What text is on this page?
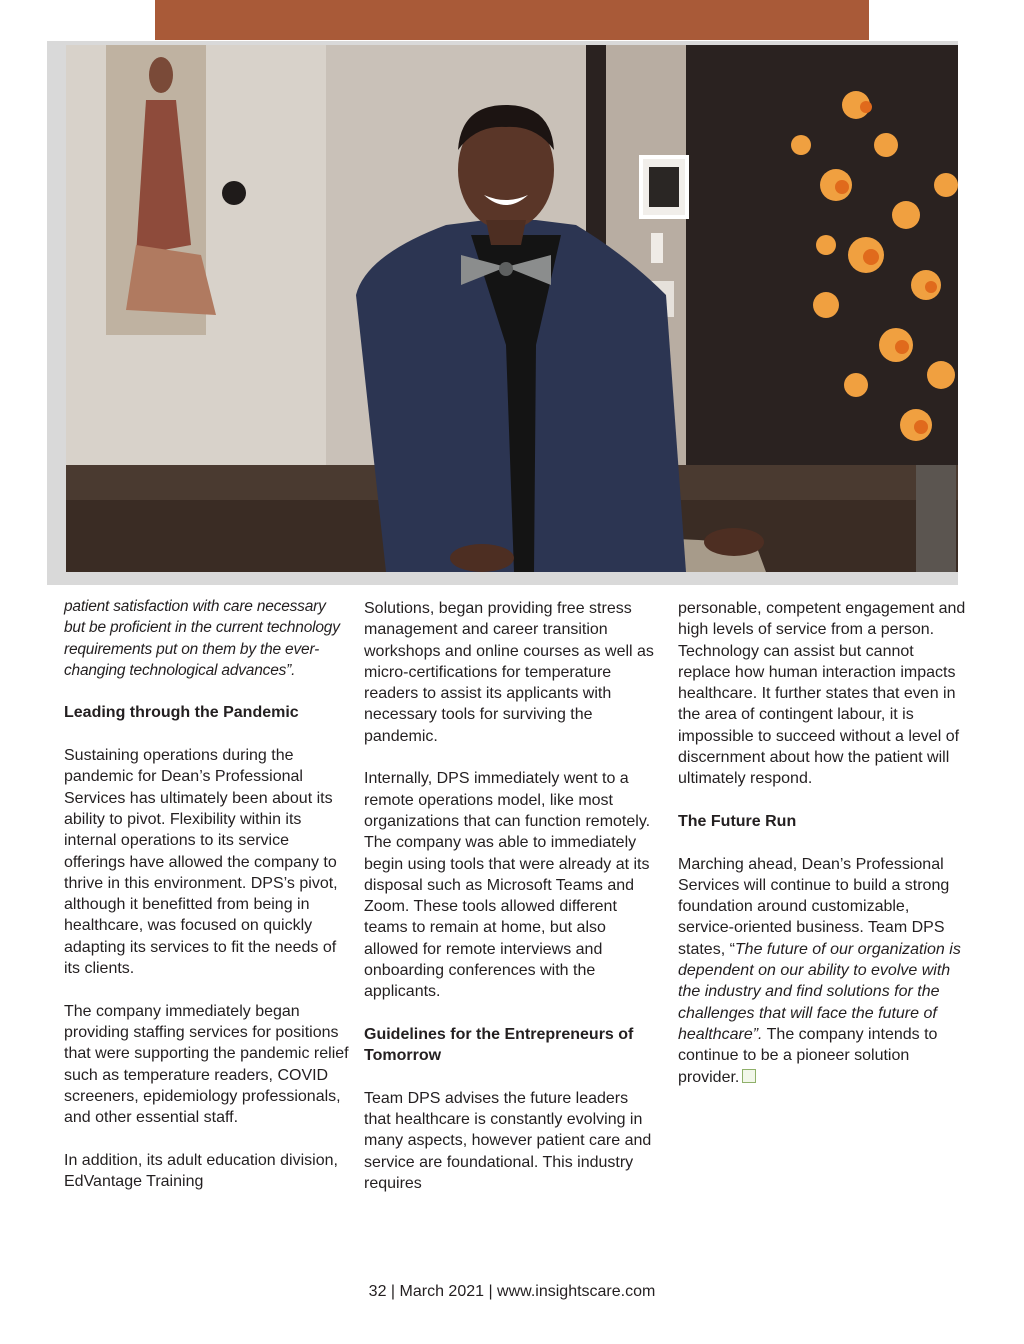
patient satisfaction with care necessary but be proficient in the current technology requirements put on them by the ever-changing technological advances”.

Leading through the Pandemic

Sustaining operations during the pandemic for Dean’s Professional Services has ultimately been about its ability to pivot. Flexibility within its internal operations to its service offerings have allowed the company to thrive in this environment. DPS’s pivot, although it benefitted from being in healthcare, was focused on quickly adapting its services to fit the needs of its clients.

The company immediately began providing staffing services for positions that were supporting the pandemic relief such as temperature readers, COVID screeners, epidemiology professionals, and other essential staff.

In addition, its adult education division, EdVantage Training

Solutions, began providing free stress management and career transition workshops and online courses as well as micro-certifications for temperature readers to assist its applicants with necessary tools for surviving the pandemic.

Internally, DPS immediately went to a remote operations model, like most organizations that can function remotely. The company was able to immediately begin using tools that were already at its disposal such as Microsoft Teams and Zoom. These tools allowed different teams to remain at home, but also allowed for remote interviews and onboarding conferences with the applicants.

Guidelines for the Entrepreneurs of Tomorrow

Team DPS advises the future leaders that healthcare is constantly evolving in many aspects, however patient care and service are foundational. This industry requires

personable, competent engagement and high levels of service from a person. Technology can assist but cannot replace how human interaction impacts healthcare. It further states that even in the area of contingent labour, it is impossible to succeed without a level of discernment about how the patient will ultimately respond.

The Future Run

Marching ahead, Dean’s Professional Services will continue to build a strong foundation around customizable, service-oriented business. Team DPS states, “The future of our organization is dependent on our ability to evolve with the industry and find solutions for the challenges that will face the future of healthcare”. The company intends to continue to be a pioneer solution provider.

32 | March 2021 | www.insightscare.com
